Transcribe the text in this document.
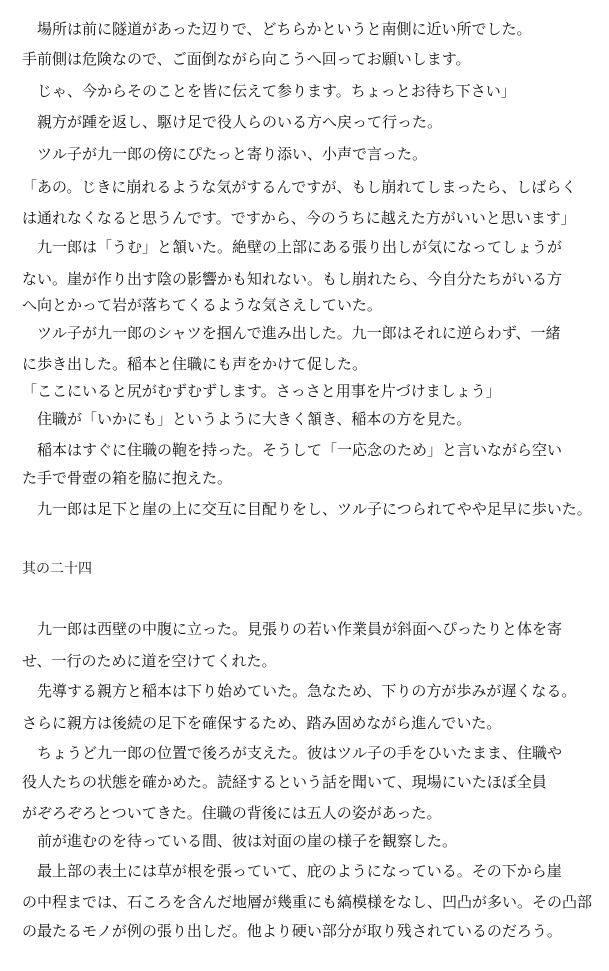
　場所は前に隧道があった辺りで、どちらかというと南側に近い所でした。
手前側は危険なので、ご面倒ながら向こうへ回ってお願いします。
　じゃ、今からそのことを皆に伝えて参ります。ちょっとお待ち下さい」
　親方が踵を返し、駆け足で役人らのいる方へ戻って行った。
　ツル子が九一郎の傍にぴたっと寄り添い、小声で言った。
「あの。じきに崩れるような気がするんですが、もし崩れてしまったら、しばらく
は通れなくなると思うんです。ですから、今のうちに越えた方がいいと思います」
　九一郎は「うむ」と頷いた。絶壁の上部にある張り出しが気になってしょうが
ない。崖が作り出す陰の影響かも知れない。もし崩れたら、今自分たちがいる方
へ向とかって岩が落ちてくるような気さえしていた。
　ツル子が九一郎のシャツを掴んで進み出した。九一郎はそれに逆らわず、一緒
に歩き出した。稲本と住職にも声をかけて促した。
「ここにいると尻がむずむずします。さっさと用事を片づけましょう」
　住職が「いかにも」というように大きく頷き、稲本の方を見た。
　稲本はすぐに住職の鞄を持った。そうして「一応念のため」と言いながら空い
た手で骨壺の箱を脇に抱えた。
　九一郎は足下と崖の上に交互に目配りをし、ツル子につられてやや足早に歩いた。
其の二十四
　九一郎は西壁の中腹に立った。見張りの若い作業員が斜面へぴったりと体を寄
せ、一行のために道を空けてくれた。
　先導する親方と稲本は下り始めていた。急なため、下りの方が歩みが遅くなる。
さらに親方は後続の足下を確保するため、踏み固めながら進んでいた。
　ちょうど九一郎の位置で後ろが支えた。彼はツル子の手をひいたまま、住職や
役人たちの状態を確かめた。読経するという話を聞いて、現場にいたほぼ全員
がぞろぞろとついてきた。住職の背後には五人の姿があった。
　前が進むのを待っている間、彼は対面の崖の様子を観察した。
　最上部の表土には草が根を張っていて、庇のようになっている。その下から崖
の中程までは、石ころを含んだ地層が幾重にも縞模様をなし、凹凸が多い。その凸部
の最たるモノが例の張り出しだ。他より硬い部分が取り残されているのだろう。
